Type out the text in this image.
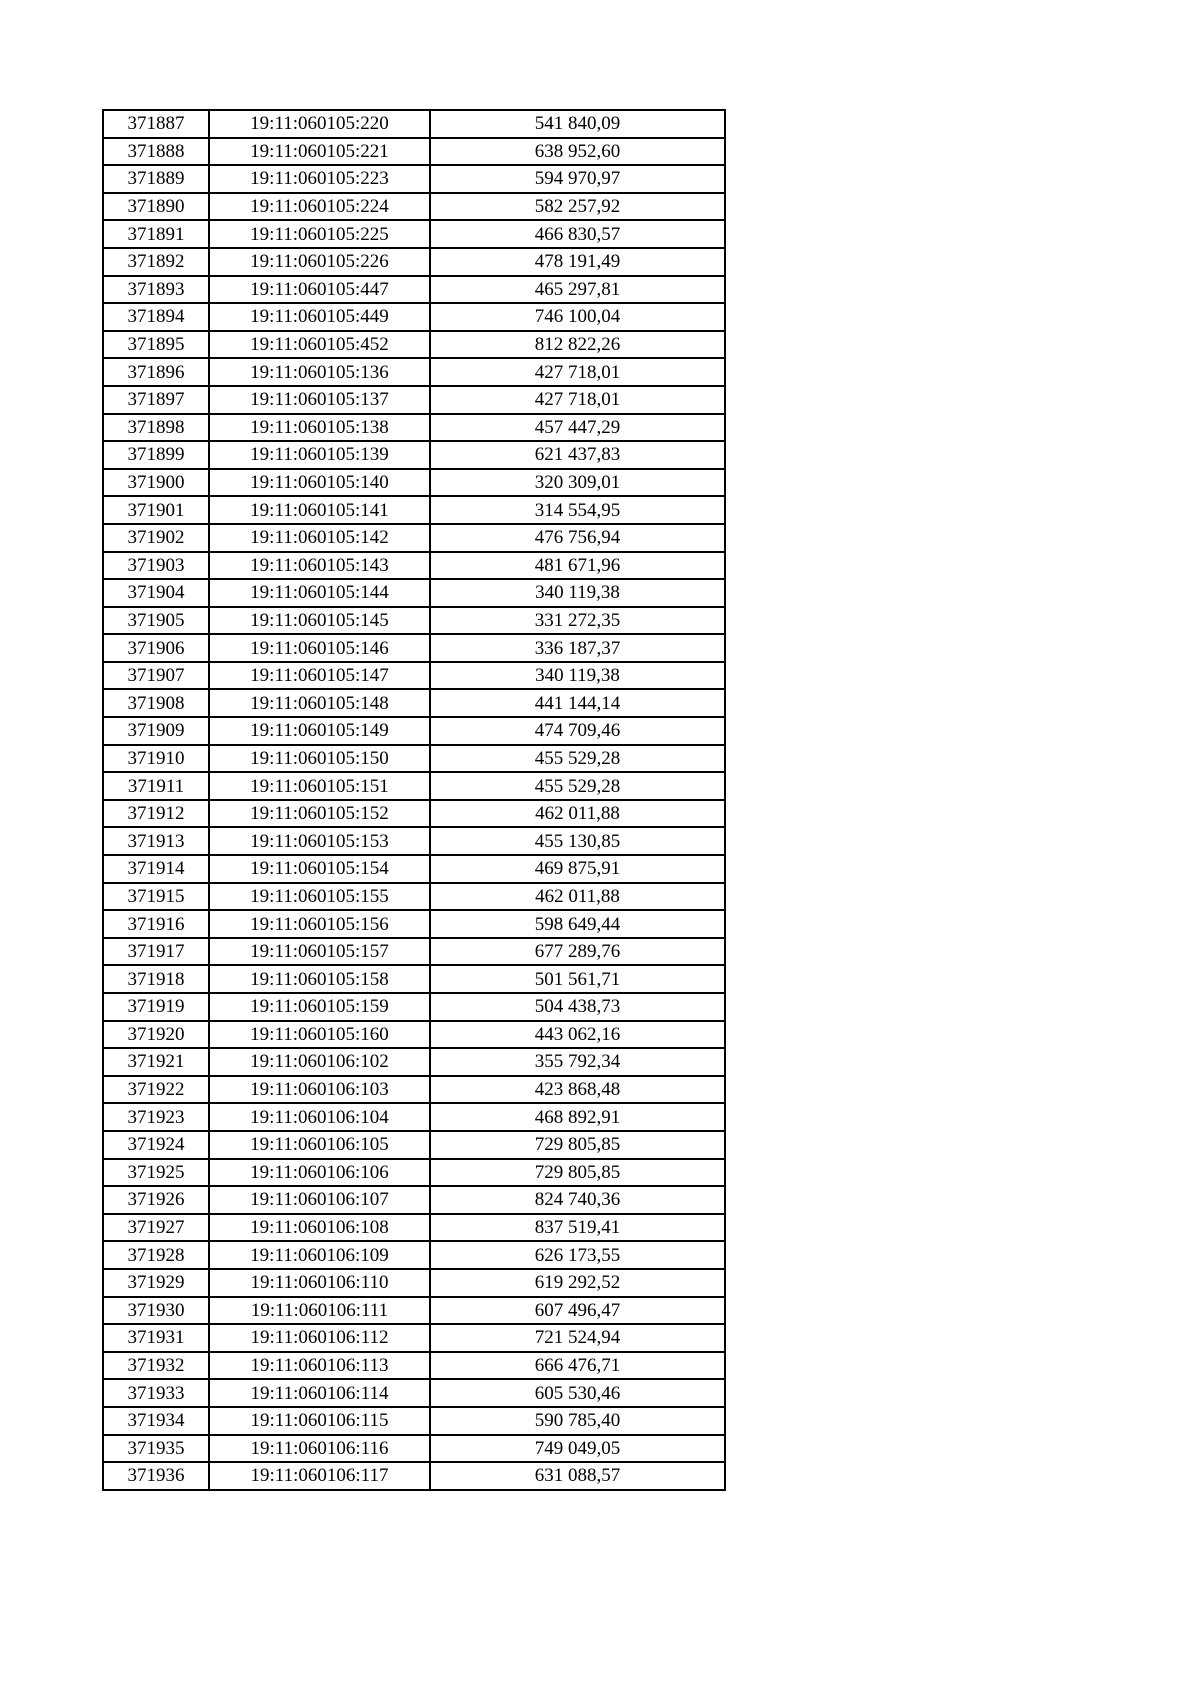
371887	19:11:060105:220	541 840,09
371888	19:11:060105:221	638 952,60
371889	19:11:060105:223	594 970,97
371890	19:11:060105:224	582 257,92
371891	19:11:060105:225	466 830,57
371892	19:11:060105:226	478 191,49
371893	19:11:060105:447	465 297,81
371894	19:11:060105:449	746 100,04
371895	19:11:060105:452	812 822,26
371896	19:11:060105:136	427 718,01
371897	19:11:060105:137	427 718,01
371898	19:11:060105:138	457 447,29
371899	19:11:060105:139	621 437,83
371900	19:11:060105:140	320 309,01
371901	19:11:060105:141	314 554,95
371902	19:11:060105:142	476 756,94
371903	19:11:060105:143	481 671,96
371904	19:11:060105:144	340 119,38
371905	19:11:060105:145	331 272,35
371906	19:11:060105:146	336 187,37
371907	19:11:060105:147	340 119,38
371908	19:11:060105:148	441 144,14
371909	19:11:060105:149	474 709,46
371910	19:11:060105:150	455 529,28
371911	19:11:060105:151	455 529,28
371912	19:11:060105:152	462 011,88
371913	19:11:060105:153	455 130,85
371914	19:11:060105:154	469 875,91
371915	19:11:060105:155	462 011,88
371916	19:11:060105:156	598 649,44
371917	19:11:060105:157	677 289,76
371918	19:11:060105:158	501 561,71
371919	19:11:060105:159	504 438,73
371920	19:11:060105:160	443 062,16
371921	19:11:060106:102	355 792,34
371922	19:11:060106:103	423 868,48
371923	19:11:060106:104	468 892,91
371924	19:11:060106:105	729 805,85
371925	19:11:060106:106	729 805,85
371926	19:11:060106:107	824 740,36
371927	19:11:060106:108	837 519,41
371928	19:11:060106:109	626 173,55
371929	19:11:060106:110	619 292,52
371930	19:11:060106:111	607 496,47
371931	19:11:060106:112	721 524,94
371932	19:11:060106:113	666 476,71
371933	19:11:060106:114	605 530,46
371934	19:11:060106:115	590 785,40
371935	19:11:060106:116	749 049,05
371936	19:11:060106:117	631 088,57
